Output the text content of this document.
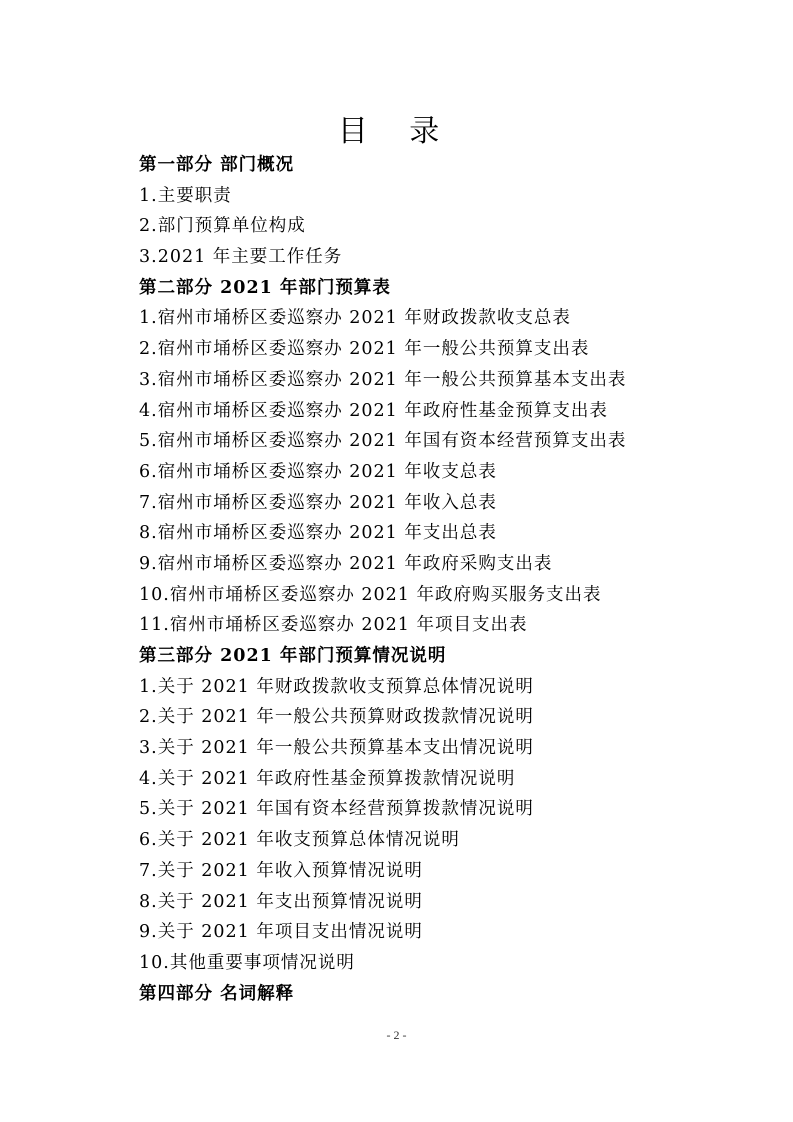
目 录
第一部分 部门概况
1.主要职责
2.部门预算单位构成
3.2021 年主要工作任务
第二部分 2021 年部门预算表
1.宿州市埇桥区委巡察办 2021 年财政拨款收支总表
2.宿州市埇桥区委巡察办 2021 年一般公共预算支出表
3.宿州市埇桥区委巡察办 2021 年一般公共预算基本支出表
4.宿州市埇桥区委巡察办 2021 年政府性基金预算支出表
5.宿州市埇桥区委巡察办 2021 年国有资本经营预算支出表
6.宿州市埇桥区委巡察办 2021 年收支总表
7.宿州市埇桥区委巡察办 2021 年收入总表
8.宿州市埇桥区委巡察办 2021 年支出总表
9.宿州市埇桥区委巡察办 2021 年政府采购支出表
10.宿州市埇桥区委巡察办 2021 年政府购买服务支出表
11.宿州市埇桥区委巡察办 2021 年项目支出表
第三部分 2021 年部门预算情况说明
1.关于 2021 年财政拨款收支预算总体情况说明
2.关于 2021 年一般公共预算财政拨款情况说明
3.关于 2021 年一般公共预算基本支出情况说明
4.关于 2021 年政府性基金预算拨款情况说明
5.关于 2021 年国有资本经营预算拨款情况说明
6.关于 2021 年收支预算总体情况说明
7.关于 2021 年收入预算情况说明
8.关于 2021 年支出预算情况说明
9.关于 2021 年项目支出情况说明
10.其他重要事项情况说明
第四部分 名词解释
- 2 -
